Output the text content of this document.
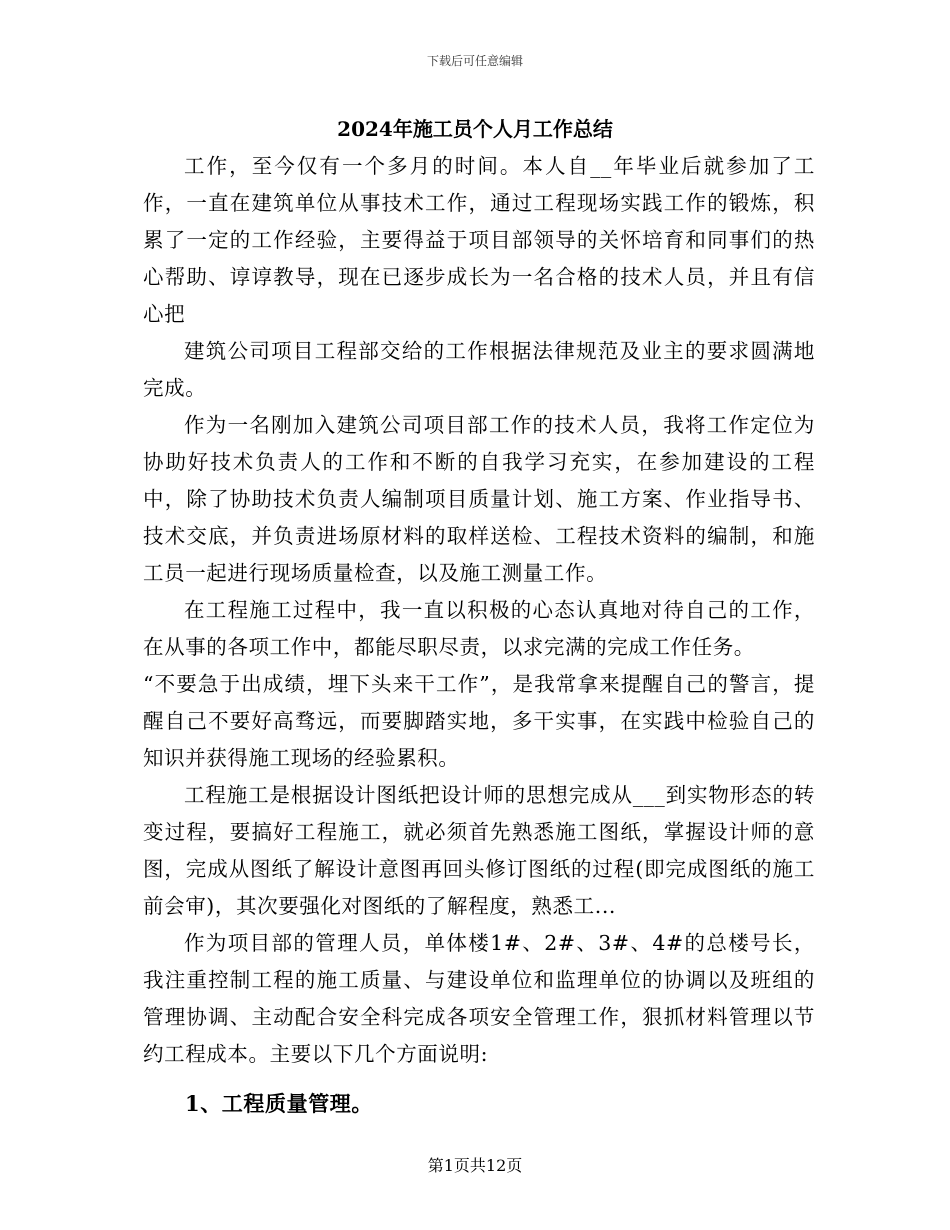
下载后可任意编辑
2024年施工员个人月工作总结

工作，至今仅有一个多月的时间。本人自__年毕业后就参加了工作，一直在建筑单位从事技术工作，通过工程现场实践工作的锻炼，积累了一定的工作经验，主要得益于项目部领导的关怀培育和同事们的热心帮助、谆谆教导，现在已逐步成长为一名合格的技术人员，并且有信心把

建筑公司项目工程部交给的工作根据法律规范及业主的要求圆满地完成。

作为一名刚加入建筑公司项目部工作的技术人员，我将工作定位为协助好技术负责人的工作和不断的自我学习充实，在参加建设的工程中，除了协助技术负责人编制项目质量计划、施工方案、作业指导书、技术交底，并负责进场原材料的取样送检、工程技术资料的编制，和施工员一起进行现场质量检查，以及施工测量工作。

在工程施工过程中，我一直以积极的心态认真地对待自己的工作，在从事的各项工作中，都能尽职尽责，以求完满的完成工作任务。

“不要急于出成绩，埋下头来干工作”，是我常拿来提醒自己的警言，提醒自己不要好高骛远，而要脚踏实地，多干实事，在实践中检验自己的知识并获得施工现场的经验累积。

工程施工是根据设计图纸把设计师的思想完成从___到实物形态的转变过程，要搞好工程施工，就必须首先熟悉施工图纸，掌握设计师的意图，完成从图纸了解设计意图再回头修订图纸的过程(即完成图纸的施工前会审)，其次要强化对图纸的了解程度，熟悉工...

作为项目部的管理人员，单体楼1#、2#、3#、4#的总楼号长，我注重控制工程的施工质量、与建设单位和监理单位的协调以及班组的管理协调、主动配合安全科完成各项安全管理工作，狠抓材料管理以节约工程成本。主要以下几个方面说明:

1、工程质量管理。

第1页共12页
